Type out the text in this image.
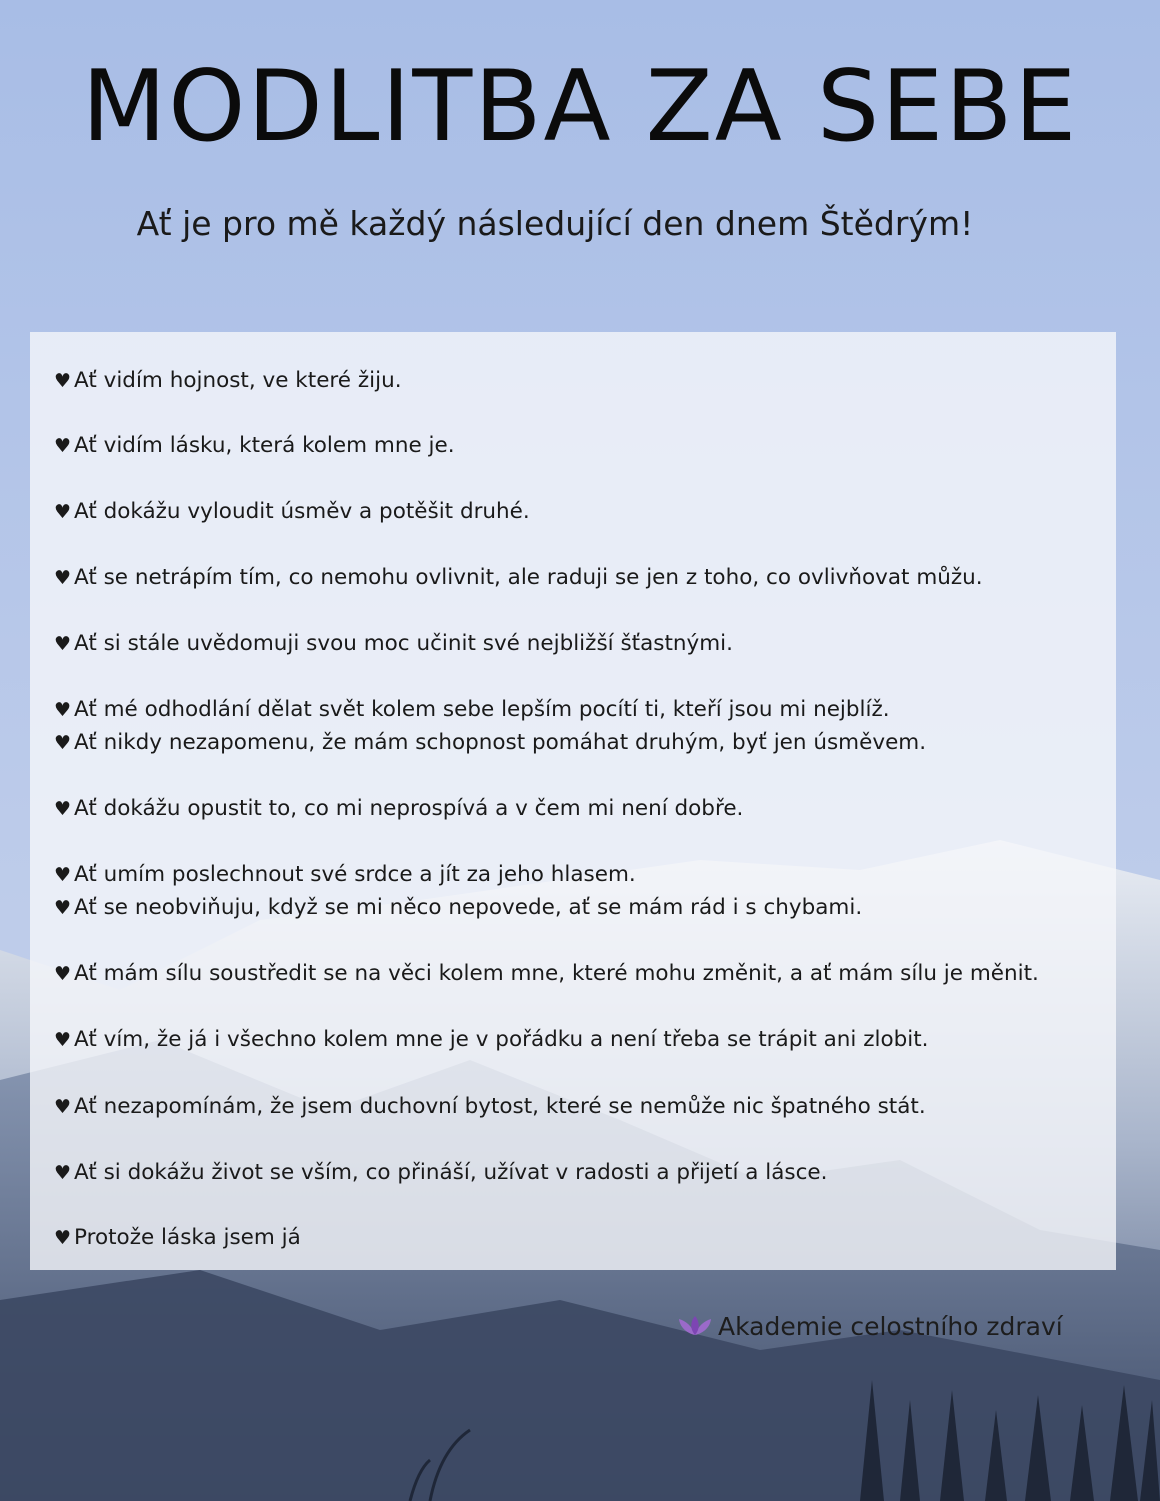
MODLITBA ZA SEBE

Ať je pro mě každý následující den dnem Štědrým!

♥ Ať vidím hojnost, ve které žiju.
♥ Ať vidím lásku, která kolem mne je.
♥ Ať dokážu vyloudit úsměv a potěšit druhé.
♥ Ať se netrápím tím, co nemohu ovlivnit, ale raduji se jen z toho, co ovlivňovat můžu.
♥ Ať si stále uvědomuji svou moc učinit své nejbližší šťastnými.
♥ Ať mé odhodlání dělat svět kolem sebe lepším pocítí ti, kteří jsou mi nejblíž.
♥ Ať nikdy nezapomenu, že mám schopnost pomáhat druhým, byť jen úsměvem.
♥ Ať dokážu opustit to, co mi neprospívá a v čem mi není dobře.
♥ Ať umím poslechnout své srdce a jít za jeho hlasem.
♥ Ať se neobviňuju, když se mi něco nepovede, ať se mám rád i s chybami.
♥ Ať mám sílu soustředit se na věci kolem mne, které mohu změnit, a ať mám sílu je měnit.
♥ Ať vím, že já i všechno kolem mne je v pořádku a není třeba se trápit ani zlobit.
♥ Ať nezapomínám, že jsem duchovní bytost, které se nemůže nic špatného stát.
♥ Ať si dokážu život se vším, co přináší, užívat v radosti a přijetí a lásce.
♥ Protože láska jsem já
Akademie celostního zdraví
